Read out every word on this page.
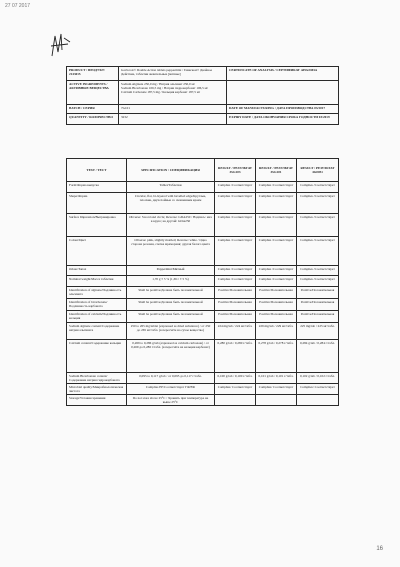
27 07 2017
PRODUCT / ПРОДУКТ: 2143015	Gaviscon® Double Action tablets peppermint / Гевискон® Двойное Действие, таблетки жевательные [мятные]	CERTIFICATE OF ANALYSIS / СЕРТИФИКАТ АНАЛИЗА
ACTIVE INGREDIENTS / АКТИВНЫЕ ВЕЩЕСТВА	Sodium Alginate 250,0 mg / Натрия альгинат 250,0 мг
Sodium Bicarbonate 106,5 mg / Натрия гидрокарбонат 106,5 мг
Calcium Carbonate 187,5 mg / Кальция карбонат 187,5 мг	
BATCH / СЕРИЯ	7G101	DATE OF MANUFACTURING / ДАТА ПРОИЗВОДСТВА 03/2017
QUANTITY / КОЛИЧЕСТВО	3232	EXPIRY DATE / ДАТА ОКОНЧАНИЯ СРОКА ГОДНОСТИ 03/2019
TEST / ТЕСТ	SPECIFICATION / СПЕЦИФИКАЦИЯ	RESULT / РЕЗУЛЬТАТ 3SG103	RESULT / РЕЗУЛЬТАТ 3SG101	RESULT / РЕЗУЛЬТАТ 4G0051
Form/Форма выпуска	Tablet/Таблетки	Complies /Соответствует	Complies /Соответствует	Complies /Соответствует
Shape/Форма	Circular, flat, bi-layered with bevelled edge/Круглые, плоские, двухслойные со скошенным краем	Complies /Соответствует	Complies /Соответствует	Complies /Соответствует
Surface Impression/Выгравировка	Obverse: Sword and circle; Reverse: GDA250 / Надпись: меч в круге; на другой: GDA250	Complies /Соответствует	Complies /Соответствует	Complies /Соответствует
Colour/Цвет	Obverse: pink, slightly mottled; Reverse: white / Одна сторона розовая, слегка мраморная; другая белого цвета	Complies /Соответствует	Complies /Соответствует	Complies /Соответствует
Odour/Запах	Peppermint/Мятный	Complies /Соответствует	Complies /Соответствует	Complies /Соответствует
Nominal weight/Масса таблетки	1,70 g ± 5 % (1,36 г ± 5 %)	Complies /Соответствует	Complies /Соответствует	Complies /Соответствует
Identification of alginate/Подлинность альгината	Shall be positive/Должна быть положительной	Positive/Положительная	Positive/Положительная	Positive/Положительная
Identification of bicarbonate/Подлинность карбоната	Shall be positive/Должна быть положительной	Positive/Положительная	Positive/Положительная	Positive/Положительная
Identification of calcium/Подлинность кальция	Shall be positive/Должна быть положительной	Positive/Положительная	Positive/Положительная	Positive/Положительная
Sodium alginate content/Содержание натрия альгината	250 to 265 mg/tablet (expressed as dried substance) / от 250 до 265 мг/табл. (в пересчёте на сухое вещество)	224 mg/tab / 224 мг/табл.	229 mg/tab / 229 мг/табл.	225 mg/tab / 225 мг/табл.
Calcium content/Содержание кальция	0,269 to 0,286 g/tab (expressed as calcium carbonate) / от 0,269 до 0,286 г/табл. (в пересчёте на кальция карбонат)	0,280 g/tab / 0,280 г/табл.	0,278 g/tab / 0,278 г/табл.	0,284 g/tab / 0,284 г/табл.
Sodium Bicarbonate content/Содержание натрия гидрокарбоната	0,095 to 0,117 g/tab / от 0,095 до 0,117 г/табл.	0,100 g/tab / 0,100 г/табл.	0,101 g/tab / 0,101 г/табл.	0,102 g/tab / 0,102 г/табл.
Microbial quality/Микробиологическая чистота	Complies EP/Соответствует ГФ/ЕФ	Complies/ Соответствует	Complies/ Соответствует	Complies/ Соответствует
Storage/Условия хранения	Do not store above 25°C / Хранить при температуре не выше 25°C			
16
